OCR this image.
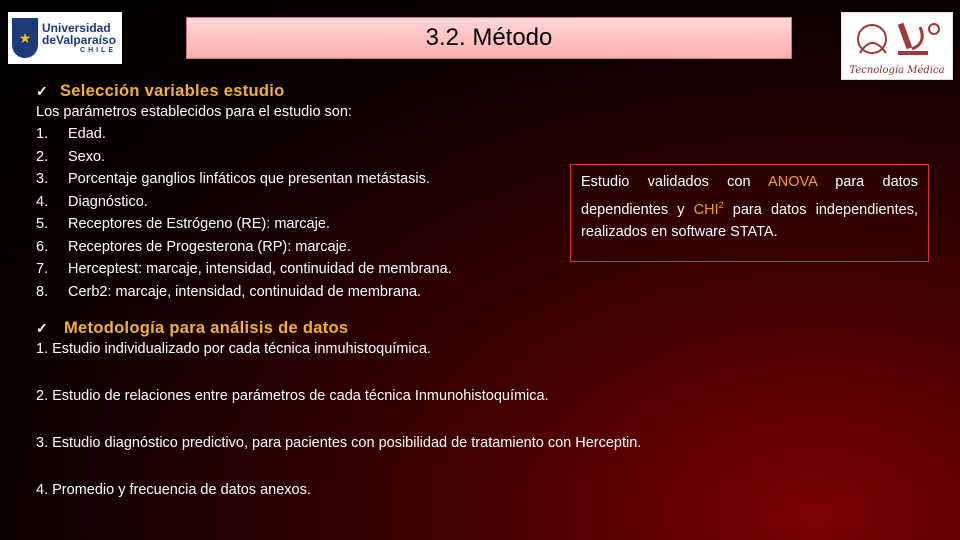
★
Universidad
deValparaíso
CHILE	3.2. Método
Tecnología Médica
✓ Selección variables estudio
Los parámetros establecidos para el estudio son:
1.	Edad.
2.	Sexo.
3.	Porcentaje ganglios linfáticos que presentan metástasis.
4.	Diagnóstico.
5.	Receptores de Estrógeno (RE): marcaje.
6.	Receptores de Progesterona (RP): marcaje.
7.	Herceptest: marcaje, intensidad, continuidad de membrana.
8.	Cerb2: marcaje, intensidad, continuidad de membrana.
✓ Metodología para análisis de datos
1. Estudio individualizado por cada técnica inmuhistoquímica.
2. Estudio de relaciones entre parámetros de cada técnica Inmunohistoquímica.
3. Estudio diagnóstico predictivo, para pacientes con posibilidad de tratamiento con Herceptin.
4. Promedio y frecuencia de datos anexos.
Estudio validados con ANOVA para datos dependientes y CHI$^2$ para datos independientes, realizados en software STATA.
